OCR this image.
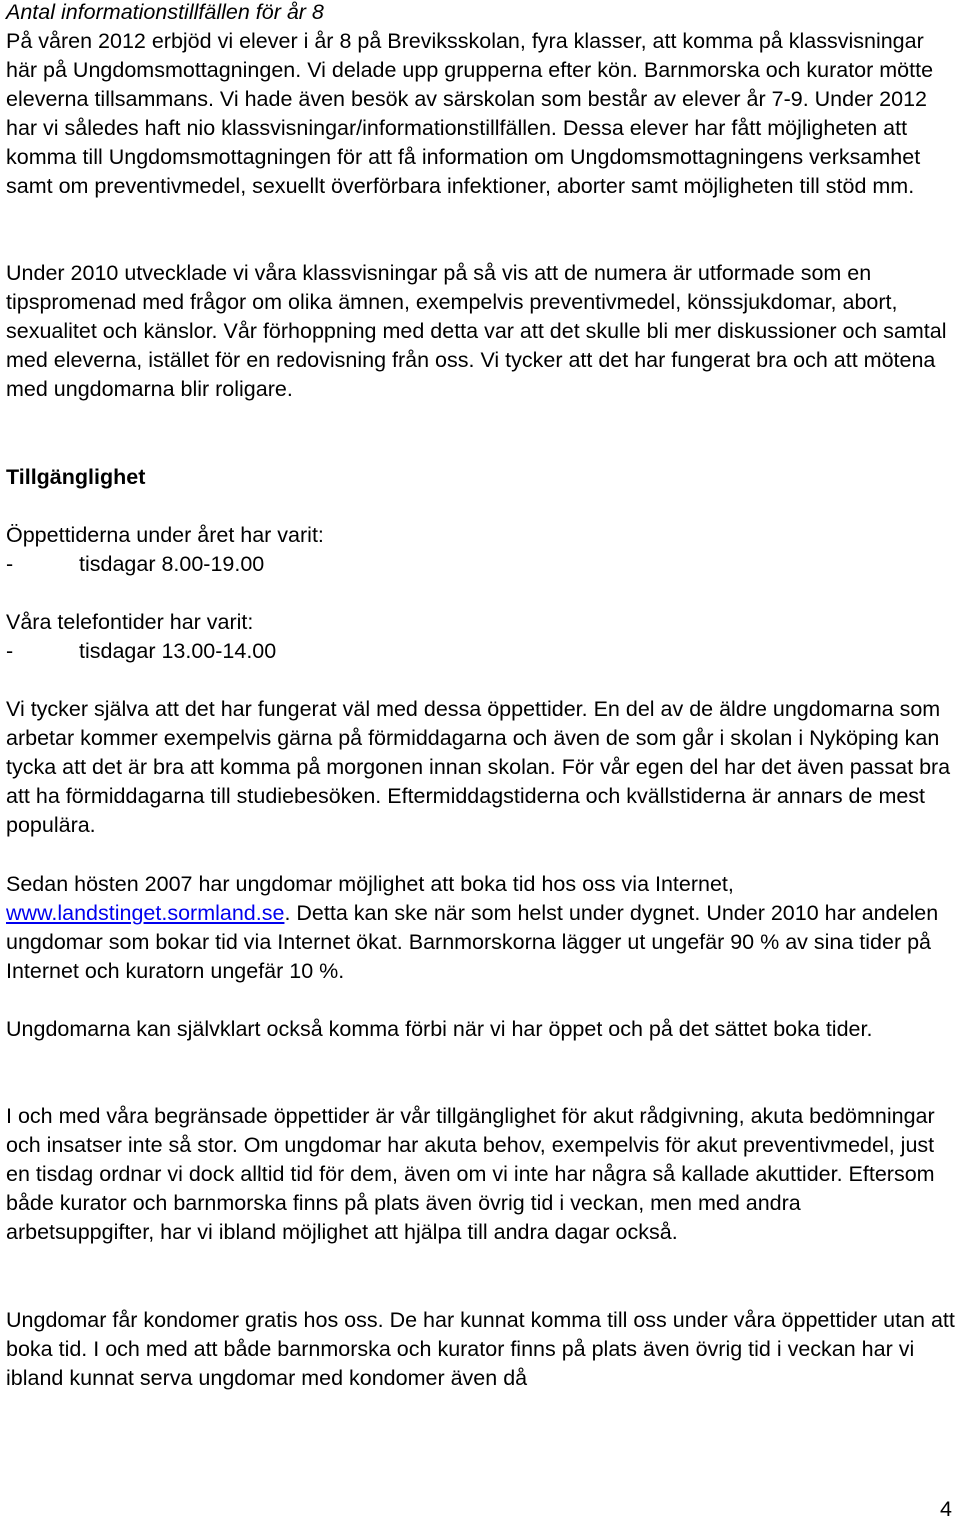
Antal informationstillfällen för år 8

På våren 2012 erbjöd vi elever i år 8 på Breviksskolan, fyra klasser, att komma på klassvisningar här på Ungdomsmottagningen. Vi delade upp grupperna efter kön. Barnmorska och kurator mötte eleverna tillsammans. Vi hade även besök av särskolan som består av elever år 7-9. Under 2012 har vi således haft nio klassvisningar/informationstillfällen. Dessa elever har fått möjligheten att komma till Ungdomsmottagningen för att få information om Ungdomsmottagningens verksamhet samt om preventivmedel, sexuellt överförbara infektioner, aborter samt möjligheten till stöd mm.

Under 2010 utvecklade vi våra klassvisningar på så vis att de numera är utformade som en tipspromenad med frågor om olika ämnen, exempelvis preventivmedel, könssjukdomar, abort, sexualitet och känslor. Vår förhoppning med detta var att det skulle bli mer diskussioner och samtal med eleverna, istället för en redovisning från oss. Vi tycker att det har fungerat bra och att mötena med ungdomarna blir roligare.

Tillgänglighet

Öppettiderna under året har varit:

-	tisdagar 8.00-19.00

Våra telefontider har varit:

-	tisdagar 13.00-14.00

Vi tycker själva att det har fungerat väl med dessa öppettider. En del av de äldre ungdomarna som arbetar kommer exempelvis gärna på förmiddagarna och även de som går i skolan i Nyköping kan tycka att det är bra att komma på morgonen innan skolan. För vår egen del har det även passat bra att ha förmiddagarna till studiebesöken. Eftermiddagstiderna och kvällstiderna är annars de mest populära.

Sedan hösten 2007 har ungdomar möjlighet att boka tid hos oss via Internet,
www.landstinget.sormland.se. Detta kan ske när som helst under dygnet. Under 2010 har andelen ungdomar som bokar tid via Internet ökat. Barnmorskorna lägger ut ungefär 90 % av sina tider på Internet och kuratorn ungefär 10 %.

Ungdomarna kan självklart också komma förbi när vi har öppet och på det sättet boka tider.

I och med våra begränsade öppettider är vår tillgänglighet för akut rådgivning, akuta bedömningar och insatser inte så stor. Om ungdomar har akuta behov, exempelvis för akut preventivmedel, just en tisdag ordnar vi dock alltid tid för dem, även om vi inte har några så kallade akuttider. Eftersom både kurator och barnmorska finns på plats även övrig tid i veckan, men med andra arbetsuppgifter, har vi ibland möjlighet att hjälpa till andra dagar också.

Ungdomar får kondomer gratis hos oss. De har kunnat komma till oss under våra öppettider utan att boka tid. I och med att både barnmorska och kurator finns på plats även övrig tid i veckan har vi ibland kunnat serva ungdomar med kondomer även då

4
